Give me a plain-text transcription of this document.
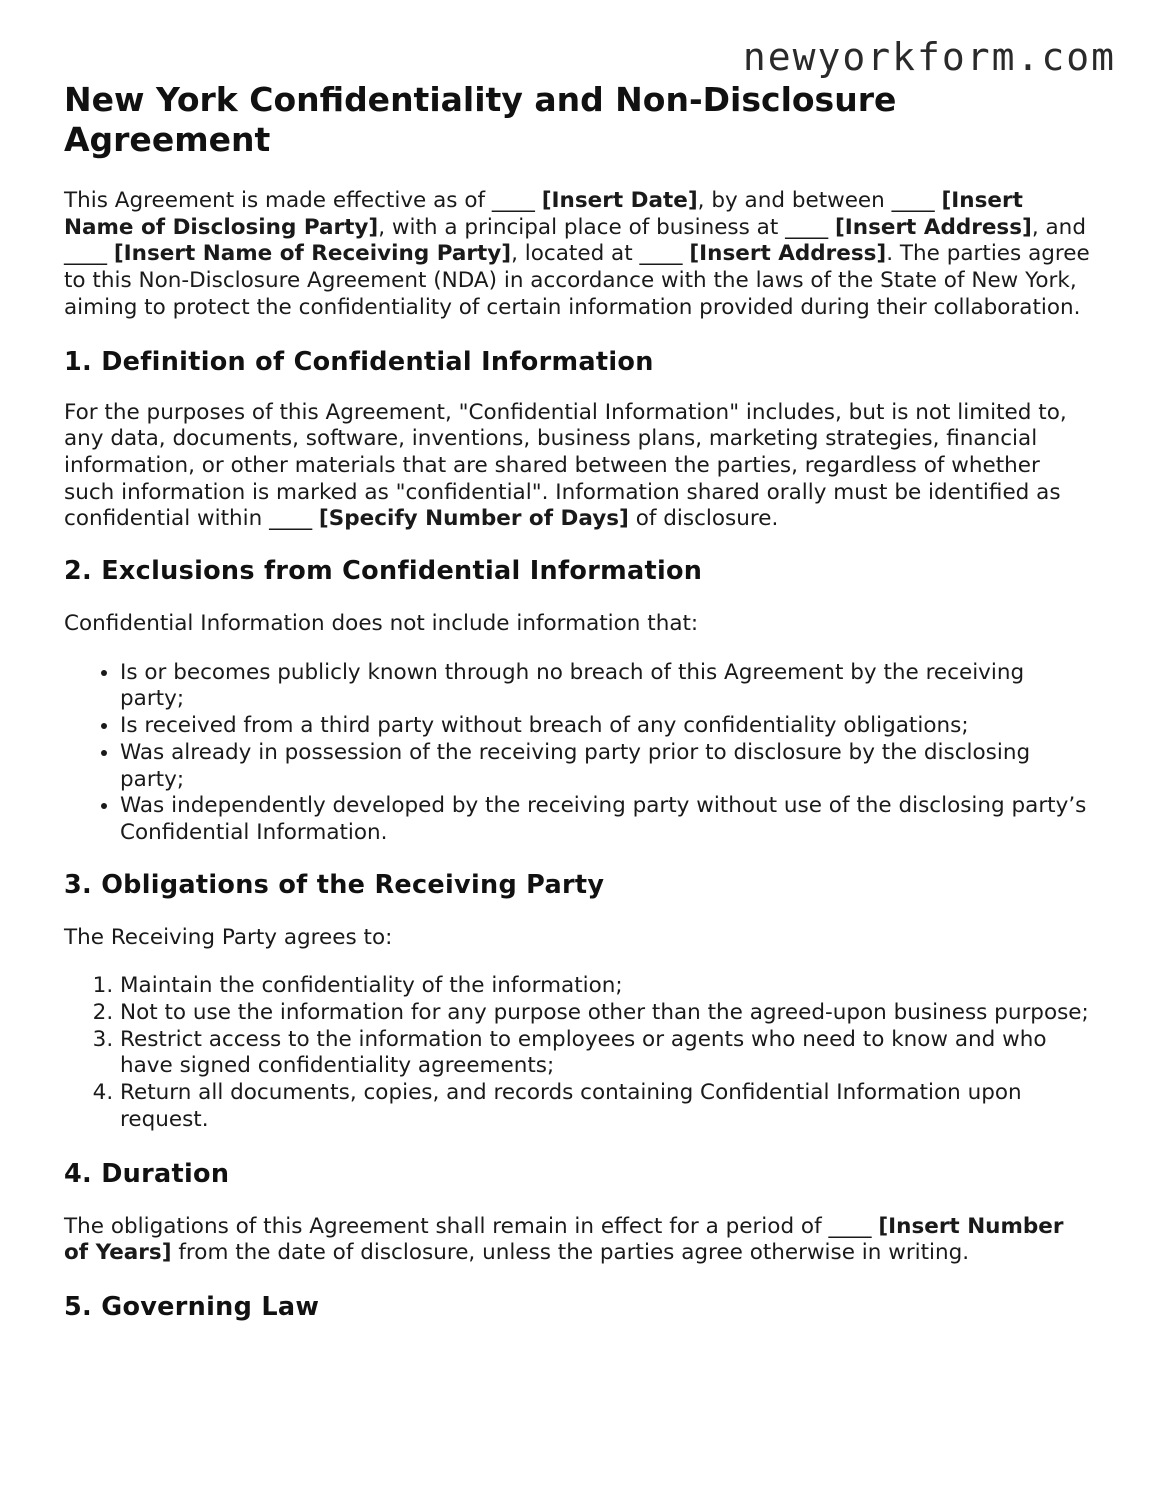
newyorkform.com
New York Confidentiality and Non-Disclosure Agreement

This Agreement is made effective as of ____ [Insert Date], by and between ____ [Insert Name of Disclosing Party], with a principal place of business at ____ [Insert Address], and ____ [Insert Name of Receiving Party], located at ____ [Insert Address]. The parties agree to this Non-Disclosure Agreement (NDA) in accordance with the laws of the State of New York, aiming to protect the confidentiality of certain information provided during their collaboration.

1. Definition of Confidential Information

For the purposes of this Agreement, "Confidential Information" includes, but is not limited to, any data, documents, software, inventions, business plans, marketing strategies, financial information, or other materials that are shared between the parties, regardless of whether such information is marked as "confidential". Information shared orally must be identified as confidential within ____ [Specify Number of Days] of disclosure.

2. Exclusions from Confidential Information

Confidential Information does not include information that:

• Is or becomes publicly known through no breach of this Agreement by the receiving party;
• Is received from a third party without breach of any confidentiality obligations;
• Was already in possession of the receiving party prior to disclosure by the disclosing party;
• Was independently developed by the receiving party without use of the disclosing party’s Confidential Information.
3. Obligations of the Receiving Party

The Receiving Party agrees to:

1. Maintain the confidentiality of the information;
2. Not to use the information for any purpose other than the agreed-upon business purpose;
3. Restrict access to the information to employees or agents who need to know and who have signed confidentiality agreements;
4. Return all documents, copies, and records containing Confidential Information upon request.
4. Duration

The obligations of this Agreement shall remain in effect for a period of ____ [Insert Number of Years] from the date of disclosure, unless the parties agree otherwise in writing.

5. Governing Law
